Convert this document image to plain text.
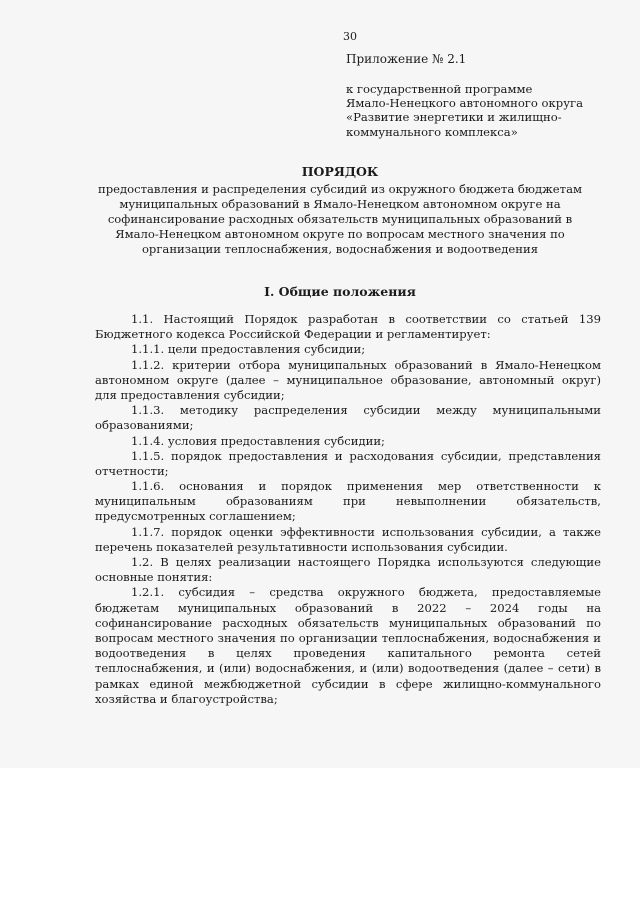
30

Приложение № 2.1

к государственной программе
Ямало-Ненецкого автономного округа
«Развитие энергетики и жилищно-
коммунального комплекса»
ПОРЯДОК
предоставления и распределения субсидий из окружного бюджета бюджетам
муниципальных образований в Ямало-Ненецком автономном округе на
софинансирование расходных обязательств муниципальных образований в
Ямало-Ненецком автономном округе по вопросам местного значения по
организации теплоснабжения, водоснабжения и водоотведения
I. Общие положения
1.1. Настоящий Порядок разработан в соответствии со статьей 139
Бюджетного кодекса Российской Федерации и регламентирует:
1.1.1. цели предоставления субсидии;
1.1.2. критерии отбора муниципальных образований в Ямало-Ненецком
автономном округе (далее – муниципальное образование, автономный округ)
для предоставления субсидии;
1.1.3. методику распределения субсидии между муниципальными
образованиями;
1.1.4. условия предоставления субсидии;
1.1.5. порядок предоставления и расходования субсидии, представления
отчетности;
1.1.6. основания и порядок применения мер ответственности к
муниципальным образованиям при невыполнении обязательств,
предусмотренных соглашением;
1.1.7. порядок оценки эффективности использования субсидии, а также
перечень показателей результативности использования субсидии.
1.2. В целях реализации настоящего Порядка используются следующие
основные понятия:
1.2.1. субсидия – средства окружного бюджета, предоставляемые
бюджетам муниципальных образований в 2022 – 2024 годы на
софинансирование расходных обязательств муниципальных образований по
вопросам местного значения по организации теплоснабжения, водоснабжения и
водоотведения в целях проведения капитального ремонта сетей
теплоснабжения, и (или) водоснабжения, и (или) водоотведения (далее – сети) в
рамках единой межбюджетной субсидии в сфере жилищно-коммунального
хозяйства и благоустройства;
